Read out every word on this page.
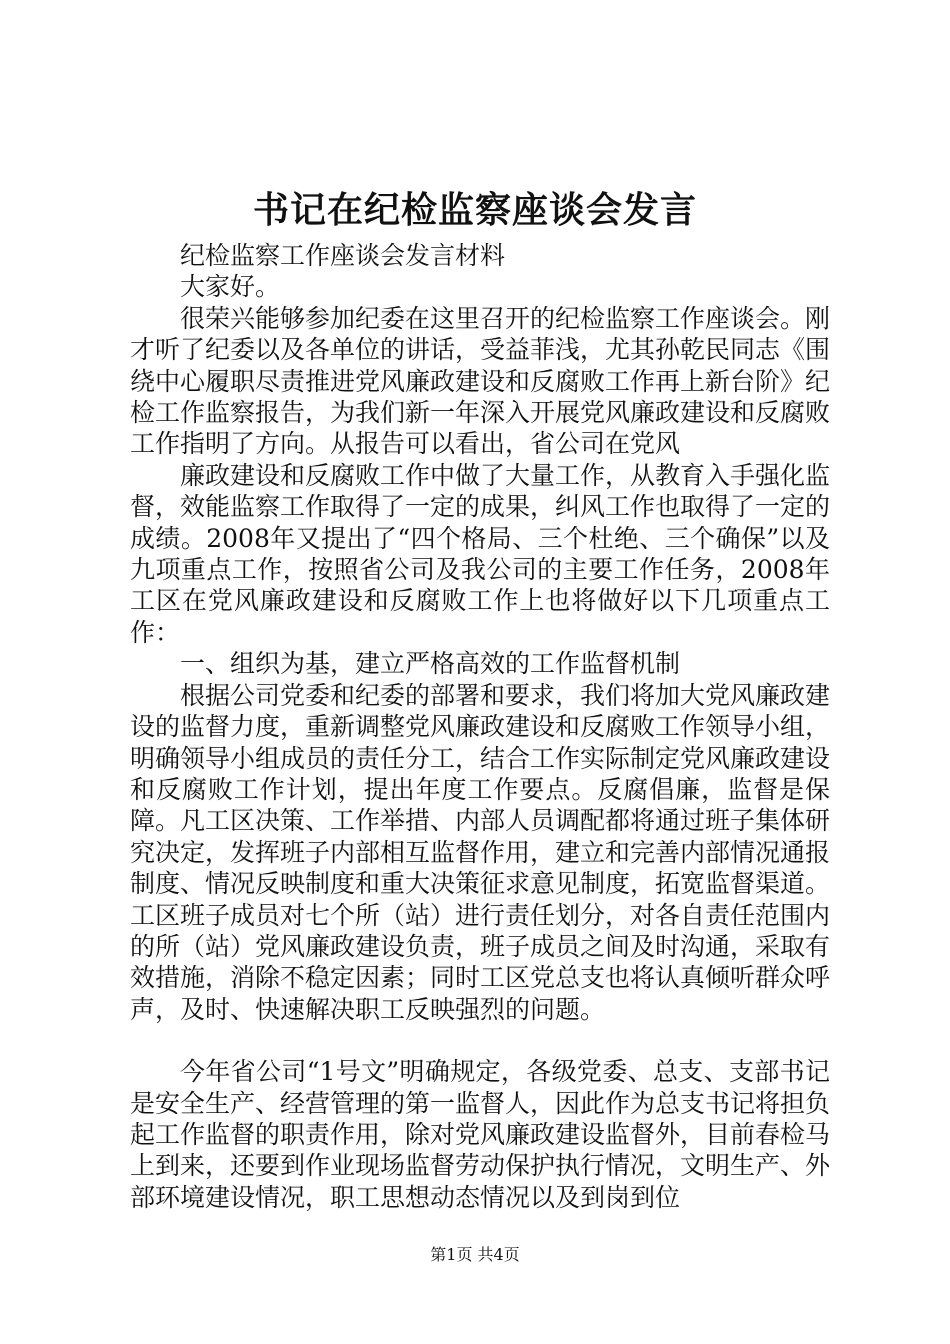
书记在纪检监察座谈会发言

纪检监察工作座谈会发言材料

大家好。

很荣兴能够参加纪委在这里召开的纪检监察工作座谈会。刚才听了纪委以及各单位的讲话，受益菲浅，尤其孙乾民同志《围绕中心履职尽责推进党风廉政建设和反腐败工作再上新台阶》纪检工作监察报告，为我们新一年深入开展党风廉政建设和反腐败工作指明了方向。从报告可以看出，省公司在党风

廉政建设和反腐败工作中做了大量工作，从教育入手强化监督，效能监察工作取得了一定的成果，纠风工作也取得了一定的成绩。2008年又提出了“四个格局、三个杜绝、三个确保”以及九项重点工作，按照省公司及我公司的主要工作任务，2008年工区在党风廉政建设和反腐败工作上也将做好以下几项重点工作：

一、组织为基，建立严格高效的工作监督机制

根据公司党委和纪委的部署和要求，我们将加大党风廉政建设的监督力度，重新调整党风廉政建设和反腐败工作领导小组，明确领导小组成员的责任分工，结合工作实际制定党风廉政建设和反腐败工作计划，提出年度工作要点。反腐倡廉，监督是保障。凡工区决策、工作举措、内部人员调配都将通过班子集体研究决定，发挥班子内部相互监督作用，建立和完善内部情况通报制度、情况反映制度和重大决策征求意见制度，拓宽监督渠道。工区班子成员对七个所（站）进行责任划分，对各自责任范围内的所（站）党风廉政建设负责，班子成员之间及时沟通，采取有效措施，消除不稳定因素；同时工区党总支也将认真倾听群众呼声，及时、快速解决职工反映强烈的问题。

今年省公司“1号文”明确规定，各级党委、总支、支部书记是安全生产、经营管理的第一监督人，因此作为总支书记将担负起工作监督的职责作用，除对党风廉政建设监督外，目前春检马上到来，还要到作业现场监督劳动保护执行情况，文明生产、外部环境建设情况，职工思想动态情况以及到岗到位

第1页 共4页
